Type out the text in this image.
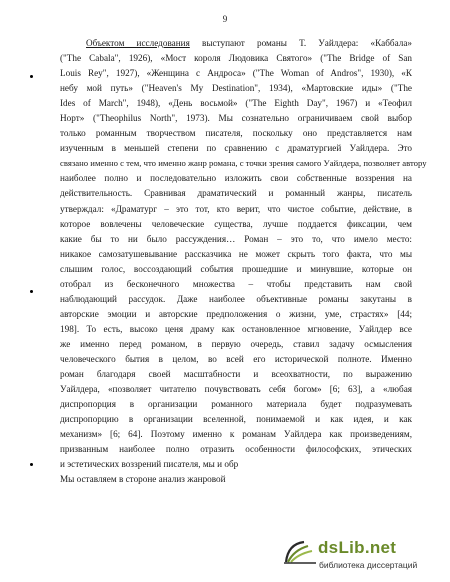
9
Объектом исследования выступают романы Т. Уайлдера: «Каббала»
("The Cabala", 1926), «Мост короля Людовика Святого» ("The Bridge of San
Louis Rey", 1927), «Женщина с Андроса» ("The Woman of Andros", 1930), «К
небу мой путь» ("Heaven's My Destination", 1934), «Мартовские иды» ("The
Ides of March", 1948), «День восьмой» ("The Eighth Day", 1967) и «Теофил
Норт» ("Theophilus North", 1973). Мы сознательно ограничиваем свой выбор
только романным творчеством писателя, поскольку оно представляется нам
изученным в меньшей степени по сравнению с драматургией Уайлдера. Это
связано именно с тем, что именно жанр романа, с точки зрения самого Уайлдера, позволяет автору
наиболее полно и последовательно изложить свои собственные воззрения на
действительность. Сравнивая драматический и романный жанры, писатель
утверждал: «Драматург – это тот, кто верит, что чистое событие, действие, в
которое вовлечены человеческие существа, лучше поддается фиксации, чем
какие бы то ни было рассуждения… Роман – это то, что имело место:
никакое самозатушевывание рассказчика не может скрыть того факта, что мы
слышим голос, воссоздающий события прошедшие и минувшие, которые он
отобрал из бесконечного множества – чтобы представить нам свой
наблюдающий рассудок. Даже наиболее объективные романы закутаны в
авторские эмоции и авторские предположения о жизни, уме, страстях» [44;
198]. То есть, высоко ценя драму как остановленное мгновение, Уайлдер все
же именно перед романом, в первую очередь, ставил задачу осмысления
человеческого бытия в целом, во всей его исторической полноте. Именно
роман благодаря своей масштабности и всеохватности, по выражению
Уайлдера, «позволяет читателю почувствовать себя богом» [6; 63], а «любая
диспропорция в организации романного материала будет подразумевать
диспропорцию в организации вселенной, понимаемой и как идея, и как
механизм» [6; 64]. Поэтому именно к романам Уайлдера как произведениям,
призванным наиболее полно отразить особенности философских, этических
и эстетических воззрений писателя, мы и обр
Мы оставляем в стороне анализ жанровой
dsLib.net
библиотека диссертаций
